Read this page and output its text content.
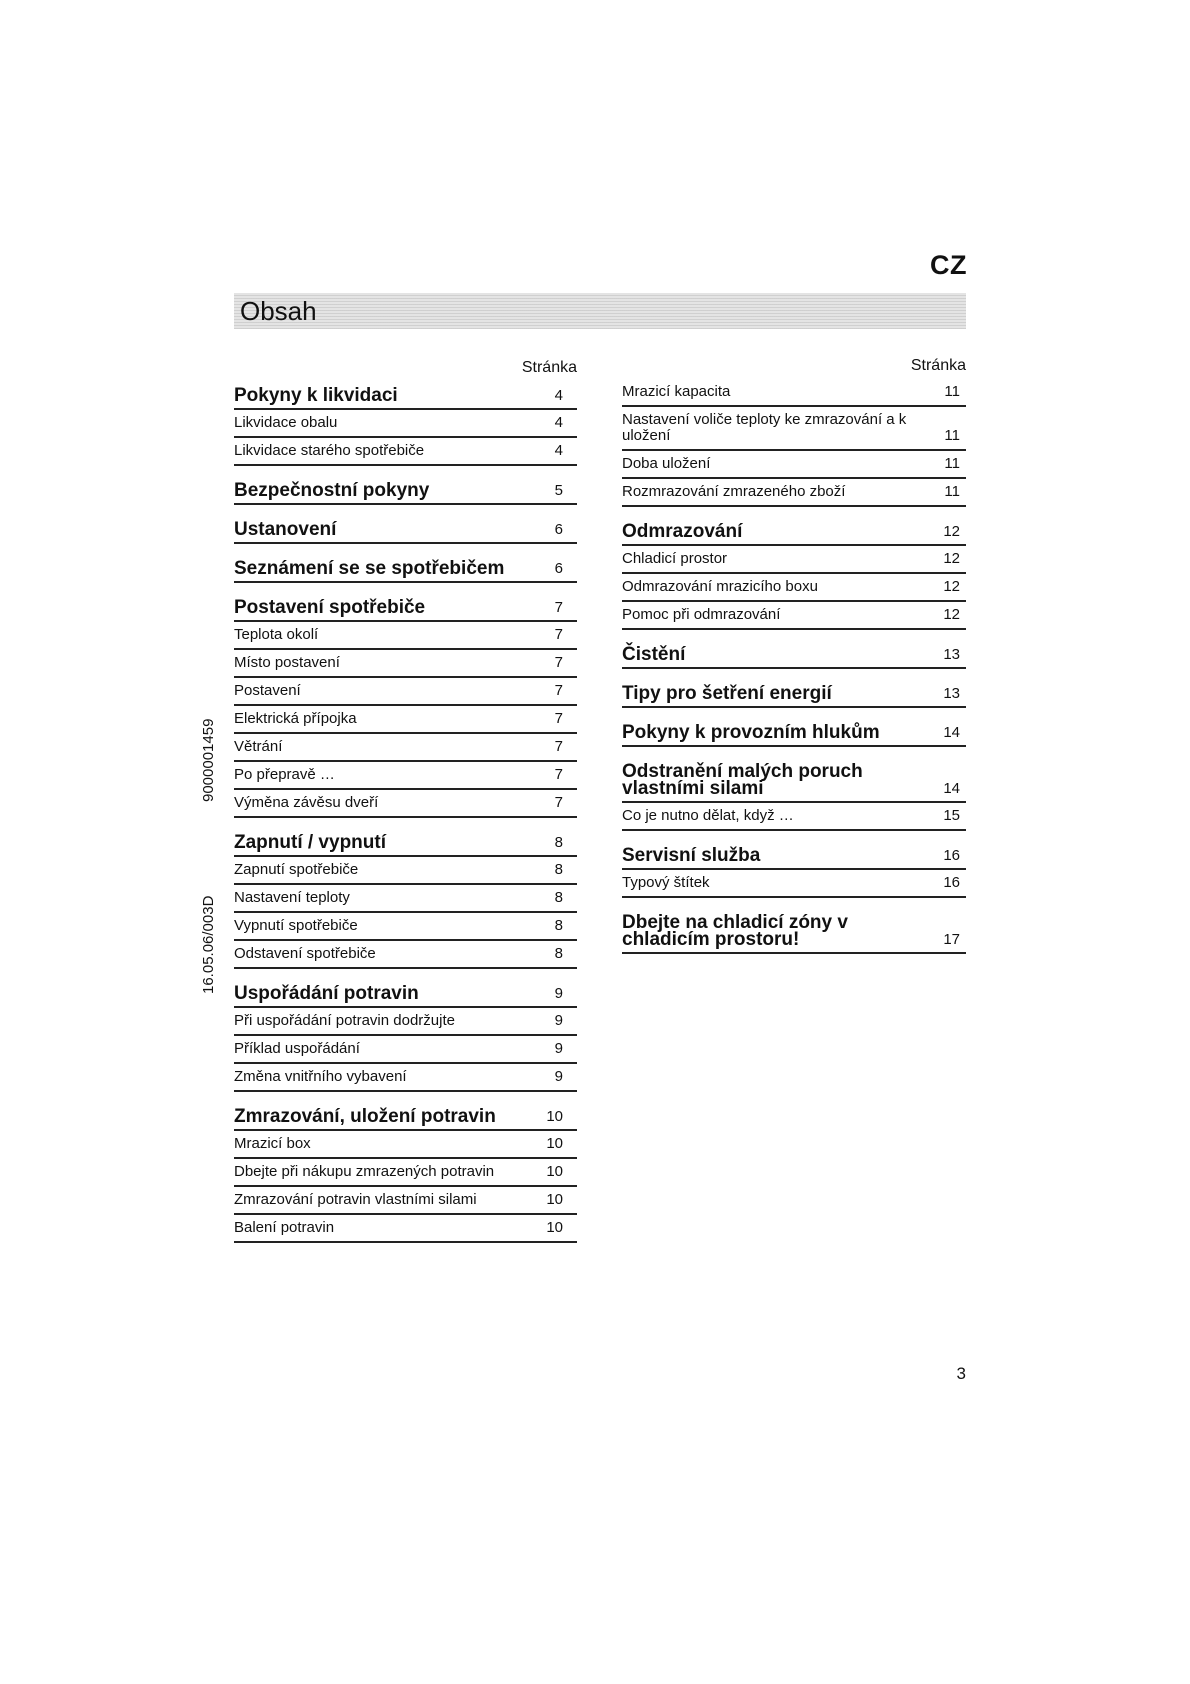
CZ
Obsah
Stránka
Pokyny k likvidaci	4
Likvidace obalu	4
Likvidace starého spotřebiče	4
Bezpečnostní pokyny	5
Ustanovení	6
Seznámení se se spotřebičem	6
Postavení spotřebiče	7
Teplota okolí	7
Místo postavení	7
Postavení	7
Elektrická přípojka	7
Větrání	7
Po přepravě …	7
Výměna závěsu dveří	7
Zapnutí / vypnutí	8
Zapnutí spotřebiče	8
Nastavení teploty	8
Vypnutí spotřebiče	8
Odstavení spotřebiče	8
Uspořádání potravin	9
Při uspořádání potravin dodržujte	9
Příklad uspořádání	9
Změna vnitřního vybavení	9
Zmrazování, uložení potravin	10
Mrazicí box	10
Dbejte při nákupu zmrazených potravin	10
Zmrazování potravin vlastními silami	10
Balení potravin	10
Stránka
Mrazicí kapacita	11
Nastavení voliče teploty ke zmrazování a k uložení	11
Doba uložení	11
Rozmrazování zmrazeného zboží	11
Odmrazování	12
Chladicí prostor	12
Odmrazování mrazicího boxu	12
Pomoc při odmrazování	12
Čistění	13
Tipy pro šetření energií	13
Pokyny k provozním hlukům	14
Odstranění malých poruch vlastními silami	14
Co je nutno dělat, když …	15
Servisní služba	16
Typový štítek	16
Dbejte na chladicí zóny v chladicím prostoru!	17
9000001459
16.05.06/003D
3
